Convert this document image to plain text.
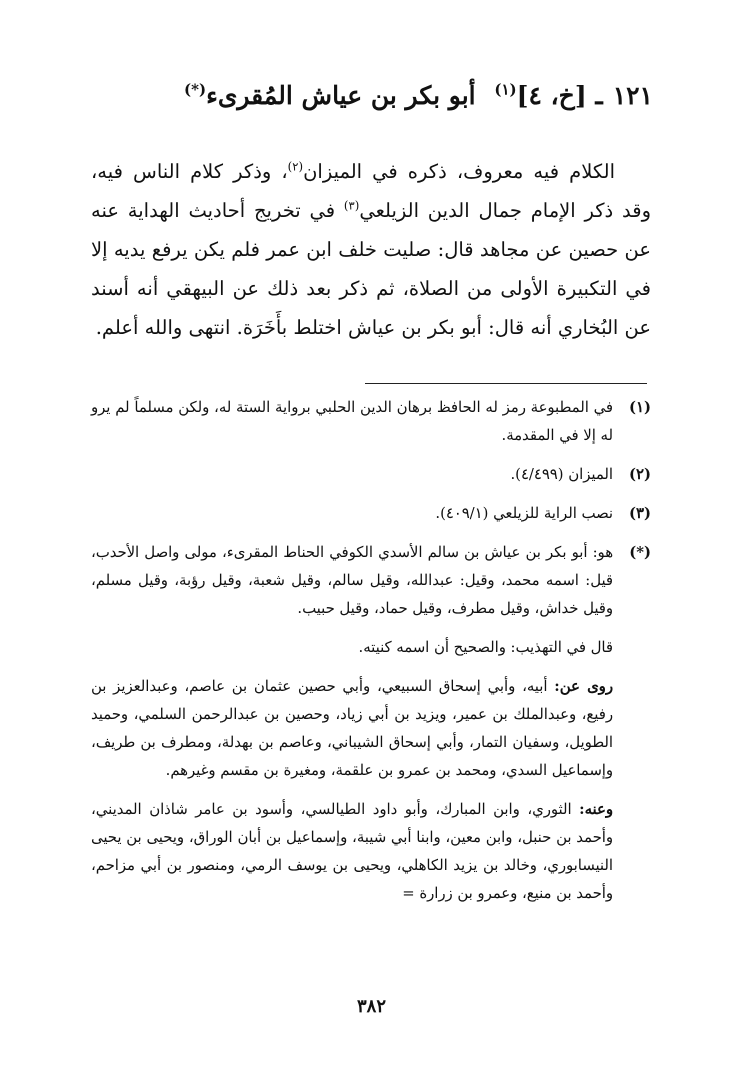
١٢١ـ [خ، ٤]$^{(١)}$ أبو بكر بن عياش المُقرىء(*)

الكلام فيه معروف، ذكره في الميزان$^{(٢)}$، وذكر كلام الناس فيه، وقد ذكر الإمام جمال الدين الزيلعي$^{(٣)}$ في تخريج أحاديث الهداية عنه عن حصين عن مجاهد قال: صليت خلف ابن عمر فلم يكن يرفع يديه إلا في التكبيرة الأولى من الصلاة، ثم ذكر بعد ذلك عن البيهقي أنه أسند عن البُخاري أنه قال: أبو بكر بن عياش اختلط بأَخَرَة. انتهى والله أعلم.

(١)
في المطبوعة رمز له الحافظ برهان الدين الحلبي برواية الستة له، ولكن مسلماً لم يرو له إلا في المقدمة.
(٢)
الميزان (٤/٤٩٩).
(٣)
نصب الراية للزيلعي (٤٠٩/١).
(*)
هو: أبو بكر بن عياش بن سالم الأسدي الكوفي الحناط المقرىء، مولى واصل الأحدب، قيل: اسمه محمد، وقيل: عبدالله، وقيل سالم، وقيل شعبة، وقيل رؤبة، وقيل مسلم، وقيل خداش، وقيل مطرف، وقيل حماد، وقيل حبيب.
قال في التهذيب: والصحيح أن اسمه كنيته.
روى عن: أبيه، وأبي إسحاق السبيعي، وأبي حصين عثمان بن عاصم، وعبدالعزيز بن رفيع، وعبدالملك بن عمير، ويزيد بن أبي زياد، وحصين بن عبدالرحمن السلمي، وحميد الطويل، وسفيان التمار، وأبي إسحاق الشيباني، وعاصم بن بهدلة، ومطرف بن طريف، وإسماعيل السدي، ومحمد بن عمرو بن علقمة، ومغيرة بن مقسم وغيرهم.
وعنه: الثوري، وابن المبارك، وأبو داود الطيالسي، وأسود بن عامر شاذان المديني، وأحمد بن حنبل، وابن معين، وابنا أبي شيبة، وإسماعيل بن أبان الوراق، ويحيى بن يحيى النيسابوري، وخالد بن يزيد الكاهلي، ويحيى بن يوسف الرمي، ومنصور بن أبي مزاحم، وأحمد بن منيع، وعمرو بن زرارة =
٣٨٢
